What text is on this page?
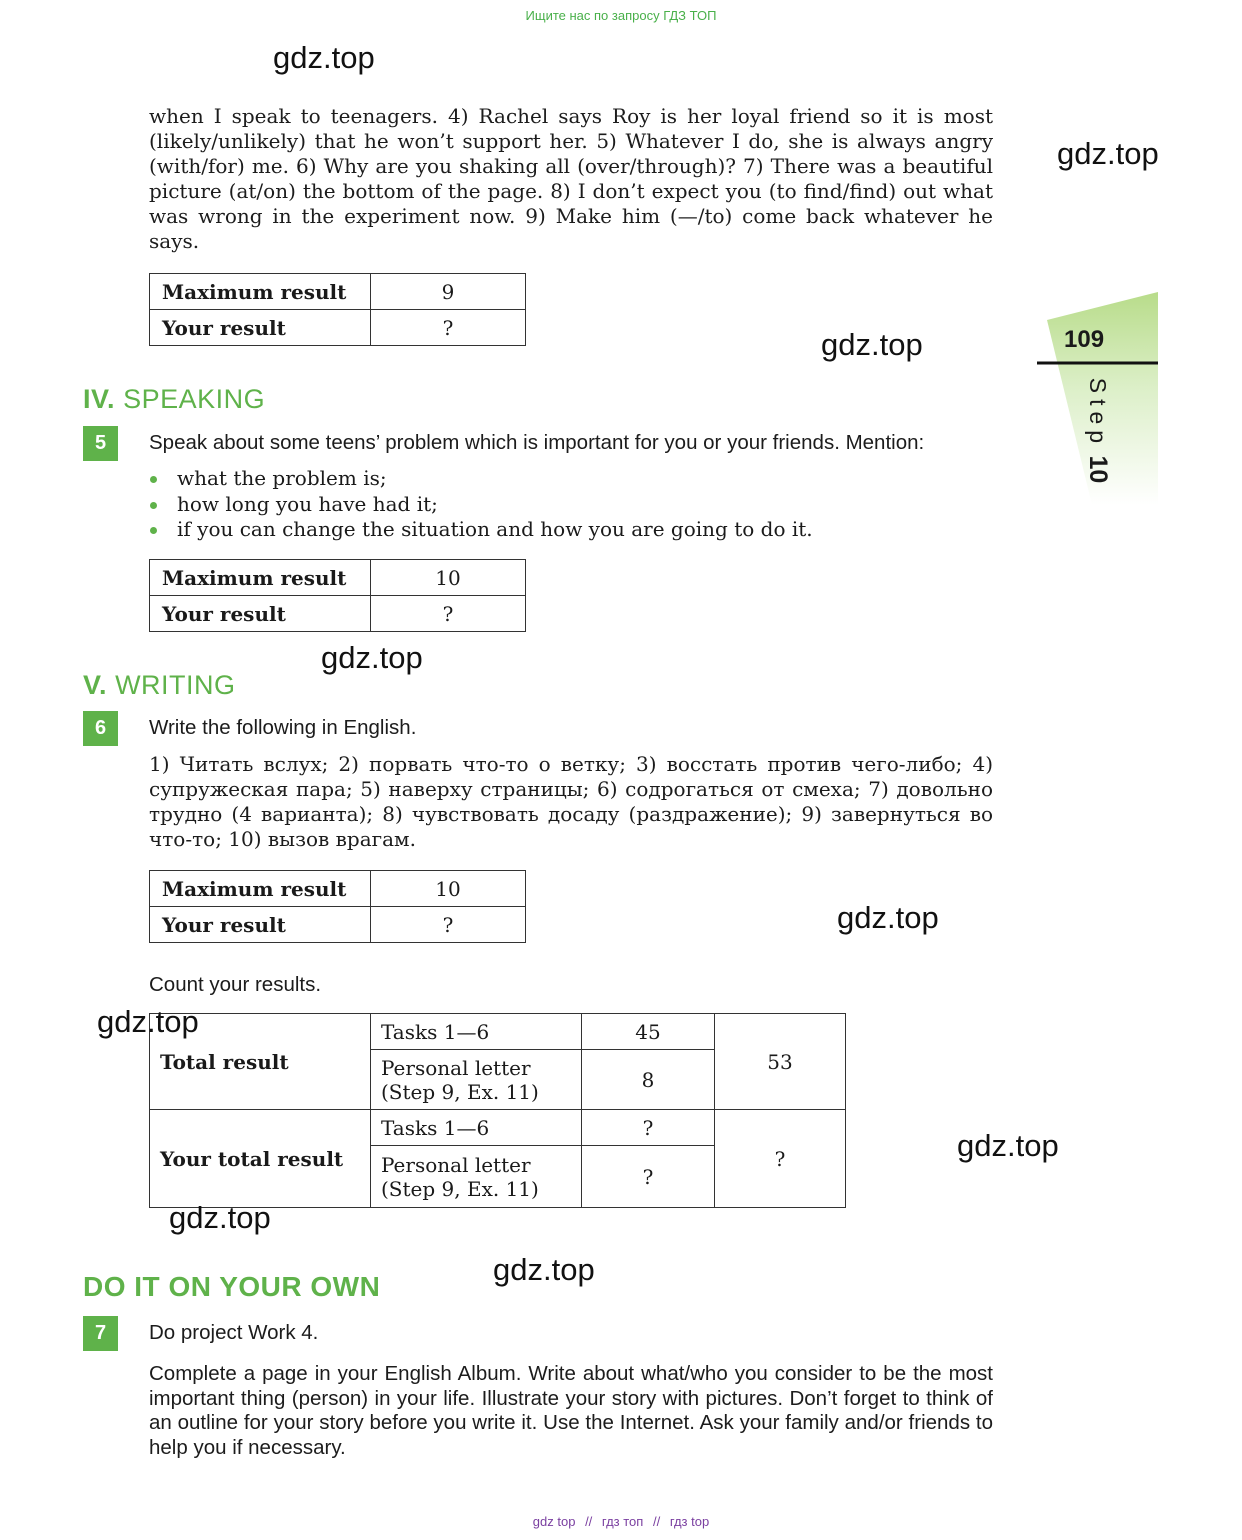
Ищите нас по запросу ГДЗ ТОП
gdz.top
gdz.top
gdz.top
gdz.top
gdz.top
gdz.top
gdz.top
gdz.top
gdz.top
when I speak to teenagers. 4) Rachel says Roy is her loyal friend so it is most (likely/unlikely) that he won’t support her. 5) Whatever I do, she is always angry (with/for) me. 6) Why are you shaking all (over/through)? 7) There was a beautiful picture (at/on) the bottom of the page. 8) I don’t expect you (to find/find) out what was wrong in the experiment now. 9) Make him (—/to) come back whatever he says.
Maximum result	9
Your result	?	109
Step 10
IV. SPEAKING
5	Speak about some teens’ problem which is important for you or your friends. Mention:
what the problem is;
how long you have had it;
if you can change the situation and how you are going to do it.
Maximum result	10
Your result	?
V. WRITING
6	Write the following in English.
1) Читать вслух; 2) порвать что-то о ветку; 3) восстать против чего-либо; 4) супружеская пара; 5) наверху страницы; 6) содрогаться от смеха; 7) довольно трудно (4 варианта); 8) чувствовать досаду (раздражение); 9) завернуться во что-то; 10) вызов врагам.
Maximum result	10
Your result	?
Count your results.
Total result	Tasks 1—6	45	53

	Personal letter
(Step 9, Ex. 11)	8	
Your total result	Tasks 1—6	?	?

	Personal letter
(Step 9, Ex. 11)	?	
DO IT ON YOUR OWN
7	Do project Work 4.
Complete a page in your English Album. Write about what/who you consider to be the most important thing (person) in your life. Illustrate your story with pictures. Don’t forget to think of an outline for your story before you write it. Use the Internet. Ask your family and/or friends to help you if necessary.
gdz top // гдз топ // гдз top
